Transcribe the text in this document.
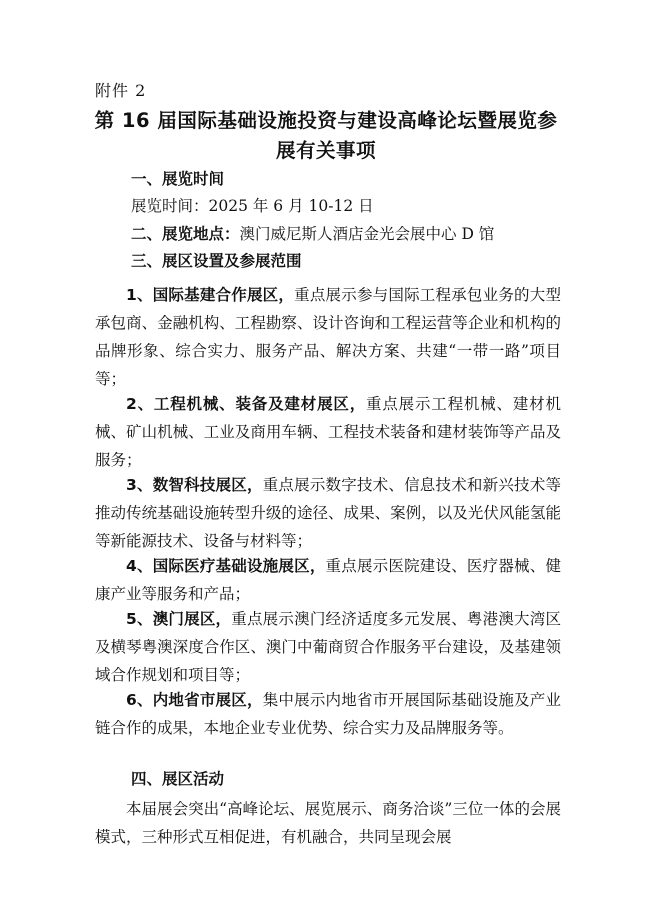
附件 2
第 16 届国际基础设施投资与建设高峰论坛暨展览参展有关事项
一、展览时间
展览时间：2025 年 6 月 10-12 日
二、展览地点：澳门威尼斯人酒店金光会展中心 D 馆
三、展区设置及参展范围
1、国际基建合作展区，重点展示参与国际工程承包业务的大型承包商、金融机构、工程勘察、设计咨询和工程运营等企业和机构的品牌形象、综合实力、服务产品、解决方案、共建“一带一路”项目等；
2、工程机械、装备及建材展区，重点展示工程机械、建材机械、矿山机械、工业及商用车辆、工程技术装备和建材装饰等产品及服务；
3、数智科技展区，重点展示数字技术、信息技术和新兴技术等推动传统基础设施转型升级的途径、成果、案例，以及光伏风能氢能等新能源技术、设备与材料等；
4、国际医疗基础设施展区，重点展示医院建设、医疗器械、健康产业等服务和产品；
5、澳门展区，重点展示澳门经济适度多元发展、粤港澳大湾区及横琴粤澳深度合作区、澳门中葡商贸合作服务平台建设，及基建领域合作规划和项目等；
6、内地省市展区，集中展示内地省市开展国际基础设施及产业链合作的成果，本地企业专业优势、综合实力及品牌服务等。
四、展区活动
本届展会突出“高峰论坛、展览展示、商务洽谈”三位一体的会展模式，三种形式互相促进，有机融合，共同呈现会展
